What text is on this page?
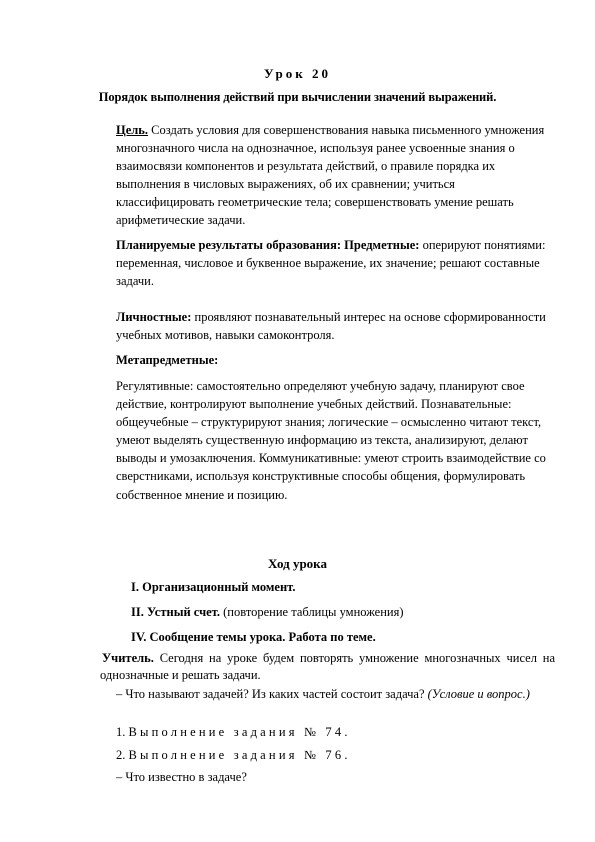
Урок 20
Порядок выполнения действий при вычислении значений выражений.

Цель. Создать условия для совершенствования навыка письменного умножения многозначного числа на однозначное, используя ранее усвоенные знания о взаимосвязи компонентов и результата действий, о правиле порядка их выполнения в числовых выражениях, об их сравнении; учиться классифицировать геометрические тела; совершенствовать умение решать арифметические задачи.

Планируемые результаты образования: Предметные: оперируют понятиями: переменная, числовое и буквенное выражение, их значение; решают составные задачи.

Личностные: проявляют познавательный интерес на основе сформированности учебных мотивов, навыки самоконтроля.

Метапредметные:

Регулятивные: самостоятельно определяют учебную задачу, планируют свое действие, контролируют выполнение учебных действий. Познавательные: общеучебные – структурируют знания; логические – осмысленно читают текст, умеют выделять существенную информацию из текста, анализируют, делают выводы и умозаключения. Коммуникативные: умеют строить взаимодействие со сверстниками, используя конструктивные способы общения, формулировать собственное мнение и позицию.

Ход урока

I. Организационный момент.

II. Устный счет. (повторение таблицы умножения)

IV. Сообщение темы урока. Работа по теме.

Учитель. Сегодня на уроке будем повторять умножение многозначных чисел на однозначные и решать задачи.

– Что называют задачей? Из каких частей состоит задача? (Условие и вопрос.)

1. Выполнение задания № 74.

2. Выполнение задания № 76.

– Что известно в задаче?
